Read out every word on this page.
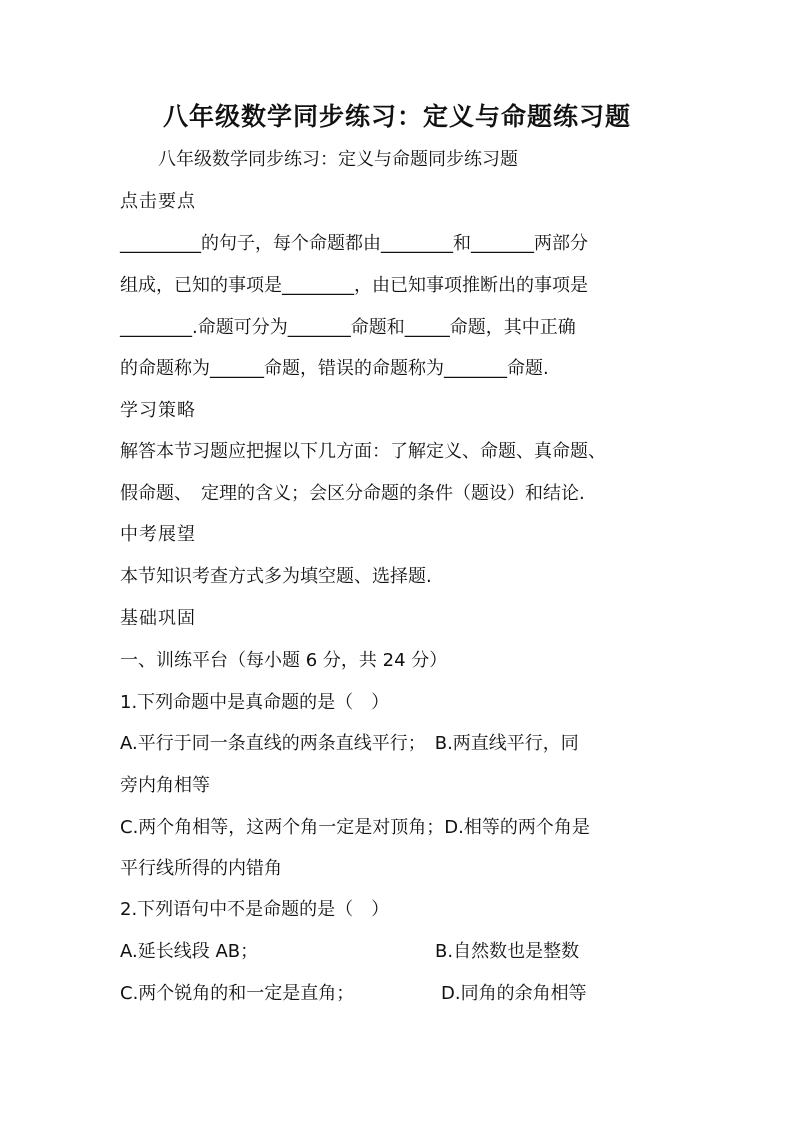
八年级数学同步练习：定义与命题练习题
八年级数学同步练习：定义与命题同步练习题
点击要点
_________的句子，每个命题都由________和_______两部分
组成，已知的事项是________，由已知事项推断出的事项是
________.命题可分为_______命题和_____命题，其中正确
的命题称为______命题，错误的命题称为_______命题.
学习策略
解答本节习题应把握以下几方面：了解定义、命题、真命题、
假命题、　定理的含义；会区分命题的条件（题设）和结论.
中考展望
本节知识考查方式多为填空题、选择题.
基础巩固
一、训练平台（每小题 6 分，共 24 分）
1.下列命题中是真命题的是（　）
A.平行于同一条直线的两条直线平行；　B.两直线平行，同
旁内角相等
C.两个角相等，这两个角一定是对顶角；D.相等的两个角是
平行线所得的内错角
2.下列语句中不是命题的是（　）
A.延长线段 AB；	B.自然数也是整数
C.两个锐角的和一定是直角；	D.同角的余角相等
